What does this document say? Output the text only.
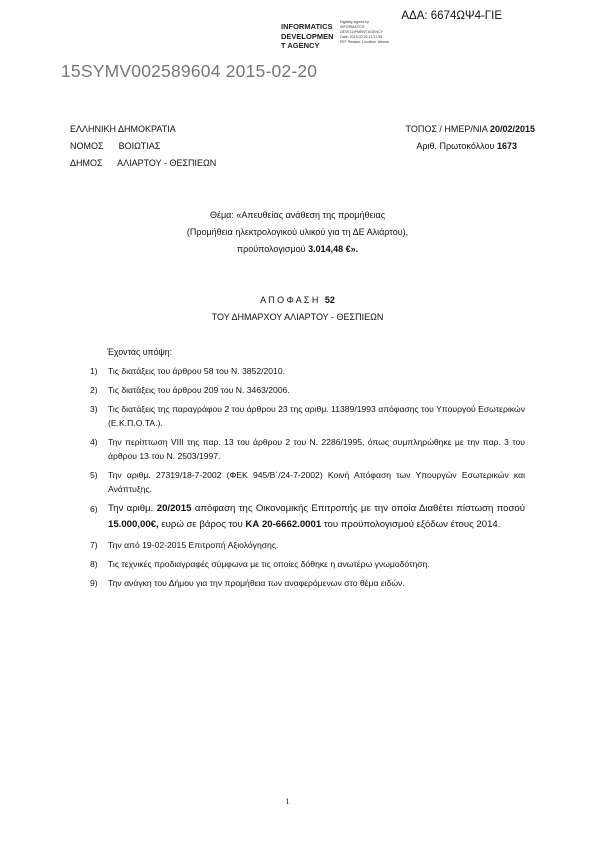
ΑΔΑ: 6674ΩΨ4-ΓΙΕ
INFORMATICS DEVELOPMEN T AGENCY
Digitally signed by INFORMATICS DEVELOPMENT AGENCY Date: 2015.02.20 11:31:38 EET Reason: Location: Athens
15SYMV002589604 2015-02-20
ΕΛΛΗΝΙΚΗ ΔΗΜΟΚΡΑΤΙΑ
ΝΟΜΟΣ      ΒΟΙΩΤΙΑΣ
ΔΗΜΟΣ      ΑΛΙΑΡΤΟΥ - ΘΕΣΠΙΕΩΝ
ΤΟΠΟΣ / ΗΜΕΡ/ΝΙΑ 20/02/2015
Αριθ. Πρωτοκόλλου 1673
Θέμα: «Απευθείας ανάθεση της προμήθειας
(Προμήθεια ηλεκτρολογικού υλικού για τη ΔΕ Αλιάρτου),
προϋπολογισμού 3.014,48 €».
Α Π Ο Φ Α Σ Η 52
ΤΟΥ ΔΗΜΑΡΧΟΥ ΑΛΙΑΡΤΟΥ - ΘΕΣΠΙΕΩΝ
Έχοντας υπόψη:
1)	Τις διατάξεις του άρθρου 58 του Ν. 3852/2010.
2)	Τις διατάξεις του άρθρου 209 του Ν. 3463/2006.
3)	Τις διατάξεις της παραγράφου 2 του άρθρου 23 της αριθμ. 11389/1993 απόφασης του Υπουργού Εσωτερικών (Ε.Κ.Π.Ο.ΤΑ.).
4)	Την περίπτωση VIII της παρ. 13 του άρθρου 2 του Ν. 2286/1995, όπως συμπληρώθηκε με την παρ. 3 του άρθρου 13 του Ν. 2503/1997.
5)	Την αριθμ. 27319/18-7-2002 (ΦΕΚ 945/Β΄/24-7-2002) Κοινή Απόφαση των Υπουργών Εσωτερικών και Ανάπτυξης.
6)	Την αριθμ. 20/2015 απόφαση της Οικονομικής Επιτροπής με την οποία Διαθέτει πίστωση ποσού 15.000,00€, ευρώ σε βάρος του ΚΑ 20-6662.0001 του προϋπολογισμού εξόδων έτους 2014.
7)	Την από 19-02-2015 Επιτροπή Αξιολόγησης.
8)	Τις τεχνικές προδιαγραφές σύμφωνα με τις οποίες δόθηκε η ανωτέρω γνωμοδότηση.
9)	Την ανάγκη του Δήμου για την προμήθεια των αναφερόμενων στο θέμα ειδών.
1
